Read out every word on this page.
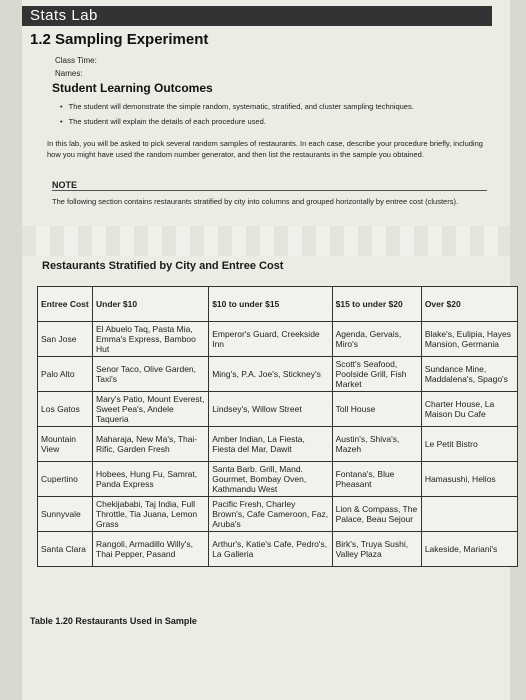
Stats Lab
1.2 Sampling Experiment
Class Time:
Names:
Student Learning Outcomes
• The student will demonstrate the simple random, systematic, stratified, and cluster sampling techniques.
• The student will explain the details of each procedure used.
In this lab, you will be asked to pick several random samples of restaurants. In each case, describe your procedure briefly, including how you might have used the random number generator, and then list the restaurants in the sample you obtained.
NOTE
The following section contains restaurants stratified by city into columns and grouped horizontally by entree cost (clusters).
Restaurants Stratified by City and Entree Cost
Entree Cost	Under $10	$10 to under $15	$15 to under $20	Over $20
San Jose	El Abuelo Taq, Pasta Mia, Emma's Express, Bamboo Hut	Emperor's Guard, Creekside Inn	Agenda, Gervais, Miro's	Blake's, Eulipia, Hayes Mansion, Germania
Palo Alto	Senor Taco, Olive Garden, Taxi's	Ming's, P.A. Joe's, Stickney's	Scott's Seafood, Poolside Grill, Fish Market	Sundance Mine, Maddalena's, Spago's
Los Gatos	Mary's Patio, Mount Everest, Sweet Pea's, Andele Taqueria	Lindsey's, Willow Street	Toll House	Charter House, La Maison Du Cafe
Mountain View	Maharaja, New Ma's, Thai-Rific, Garden Fresh	Amber Indian, La Fiesta, Fiesta del Mar, Dawit	Austin's, Shiva's, Mazeh	Le Petit Bistro
Cupertino	Hobees, Hung Fu, Samrat, Panda Express	Santa Barb. Grill, Mand. Gourmet, Bombay Oven, Kathmandu West	Fontana's, Blue Pheasant	Hamasushi, Helios
Sunnyvale	Chekijababi, Taj India, Full Throttle, Tia Juana, Lemon Grass	Pacific Fresh, Charley Brown's, Cafe Cameroon, Faz, Aruba's	Lion & Compass, The Palace, Beau Sejour	
Santa Clara	Rangoli, Armadillo Willy's, Thai Pepper, Pasand	Arthur's, Katie's Cafe, Pedro's, La Galleria	Birk's, Truya Sushi, Valley Plaza	Lakeside, Mariani's
Table 1.20 Restaurants Used in Sample
